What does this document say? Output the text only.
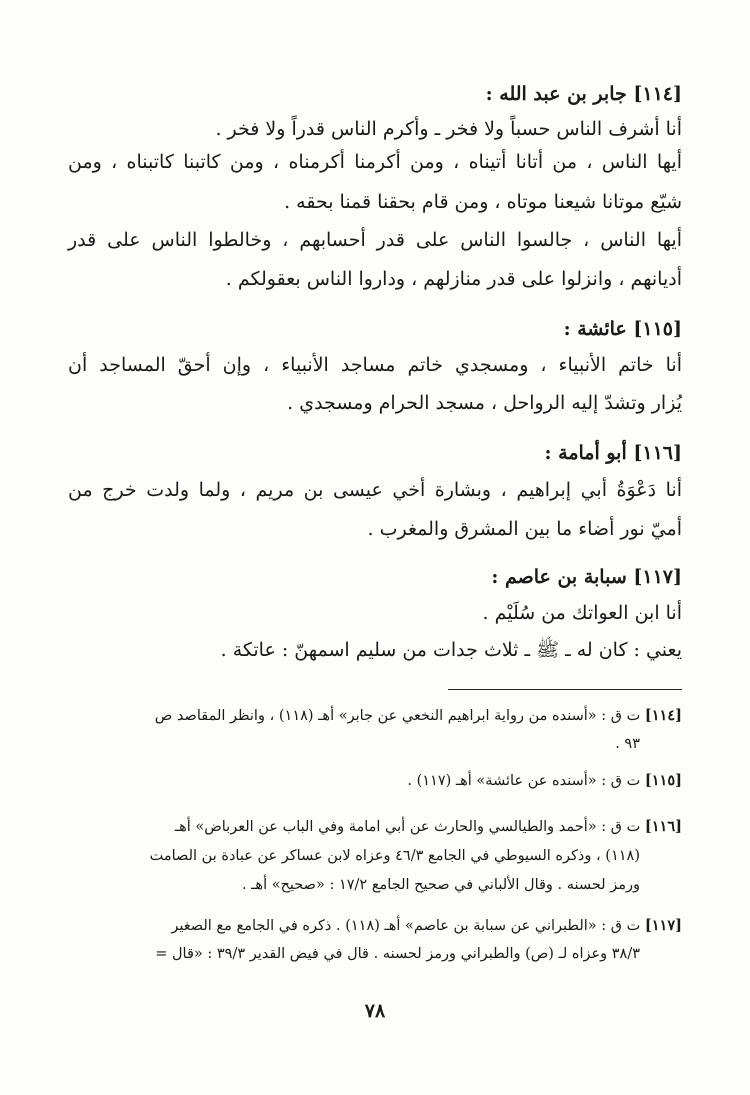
[١١٤] جابر بن عبد الله :
أنا أشرف الناس حسباً ولا فخر ـ وأكرم الناس قدراً ولا فخر .
أيها الناس ، من أتانا أتيناه ، ومن أكرمنا أكرمناه ، ومن كاتبنا كاتبناه ، ومن
شيّع موتانا شيعنا موتاه ، ومن قام بحقنا قمنا بحقه .
أيها الناس ، جالسوا الناس على قدر أحسابهم ، وخالطوا الناس على قدر
أديانهم ، وانزلوا على قدر منازلهم ، وداروا الناس بعقولكم .
[١١٥] عائشة :
أنا خاتم الأنبياء ، ومسجدي خاتم مساجد الأنبياء ، وإن أحقّ المساجد أن
يُزار وتشدّ إليه الرواحل ، مسجد الحرام ومسجدي .
[١١٦] أبو أمامة :
أنا دَعْوَةُ أبي إبراهيم ، وبشارة أخي عيسى بن مريم ، ولما ولدت خرج من
أميّ نور أضاء ما بين المشرق والمغرب .
[١١٧] سبابة بن عاصم :
أنا ابن العواتك من سُلَيْم .
يعني : كان له ـ ﷺ ـ ثلاث جدات من سليم اسمهنّ : عاتكة .
[١١٤] ت ق : «أسنده من رواية ابراهيم النخعي عن جابر» أهـ (١١٨) ، وانظر المقاصد ص
٩٣ .
[١١٥] ت ق : «أسنده عن عائشة» أهـ (١١٧) .
[١١٦] ت ق : «أحمد والطيالسي والحارث عن أبي امامة وفي الباب عن العرباض» أهـ
(١١٨) ، وذكره السيوطي في الجامع ٤٦/٣ وعزاه لابن عساكر عن عبادة بن الصامت
ورمز لحسنه . وقال الألباني في صحيح الجامع ١٧/٢ : «صحيح» أهـ .
[١١٧] ت ق : «الطبراني عن سبابة بن عاصم» أهـ (١١٨) . ذكره في الجامع مع الصغير
٣٨/٣ وعزاه لـ (ص) والطبراني ورمز لحسنه . قال في فيض القدير ٣٩/٣ : «قال =
٧٨
